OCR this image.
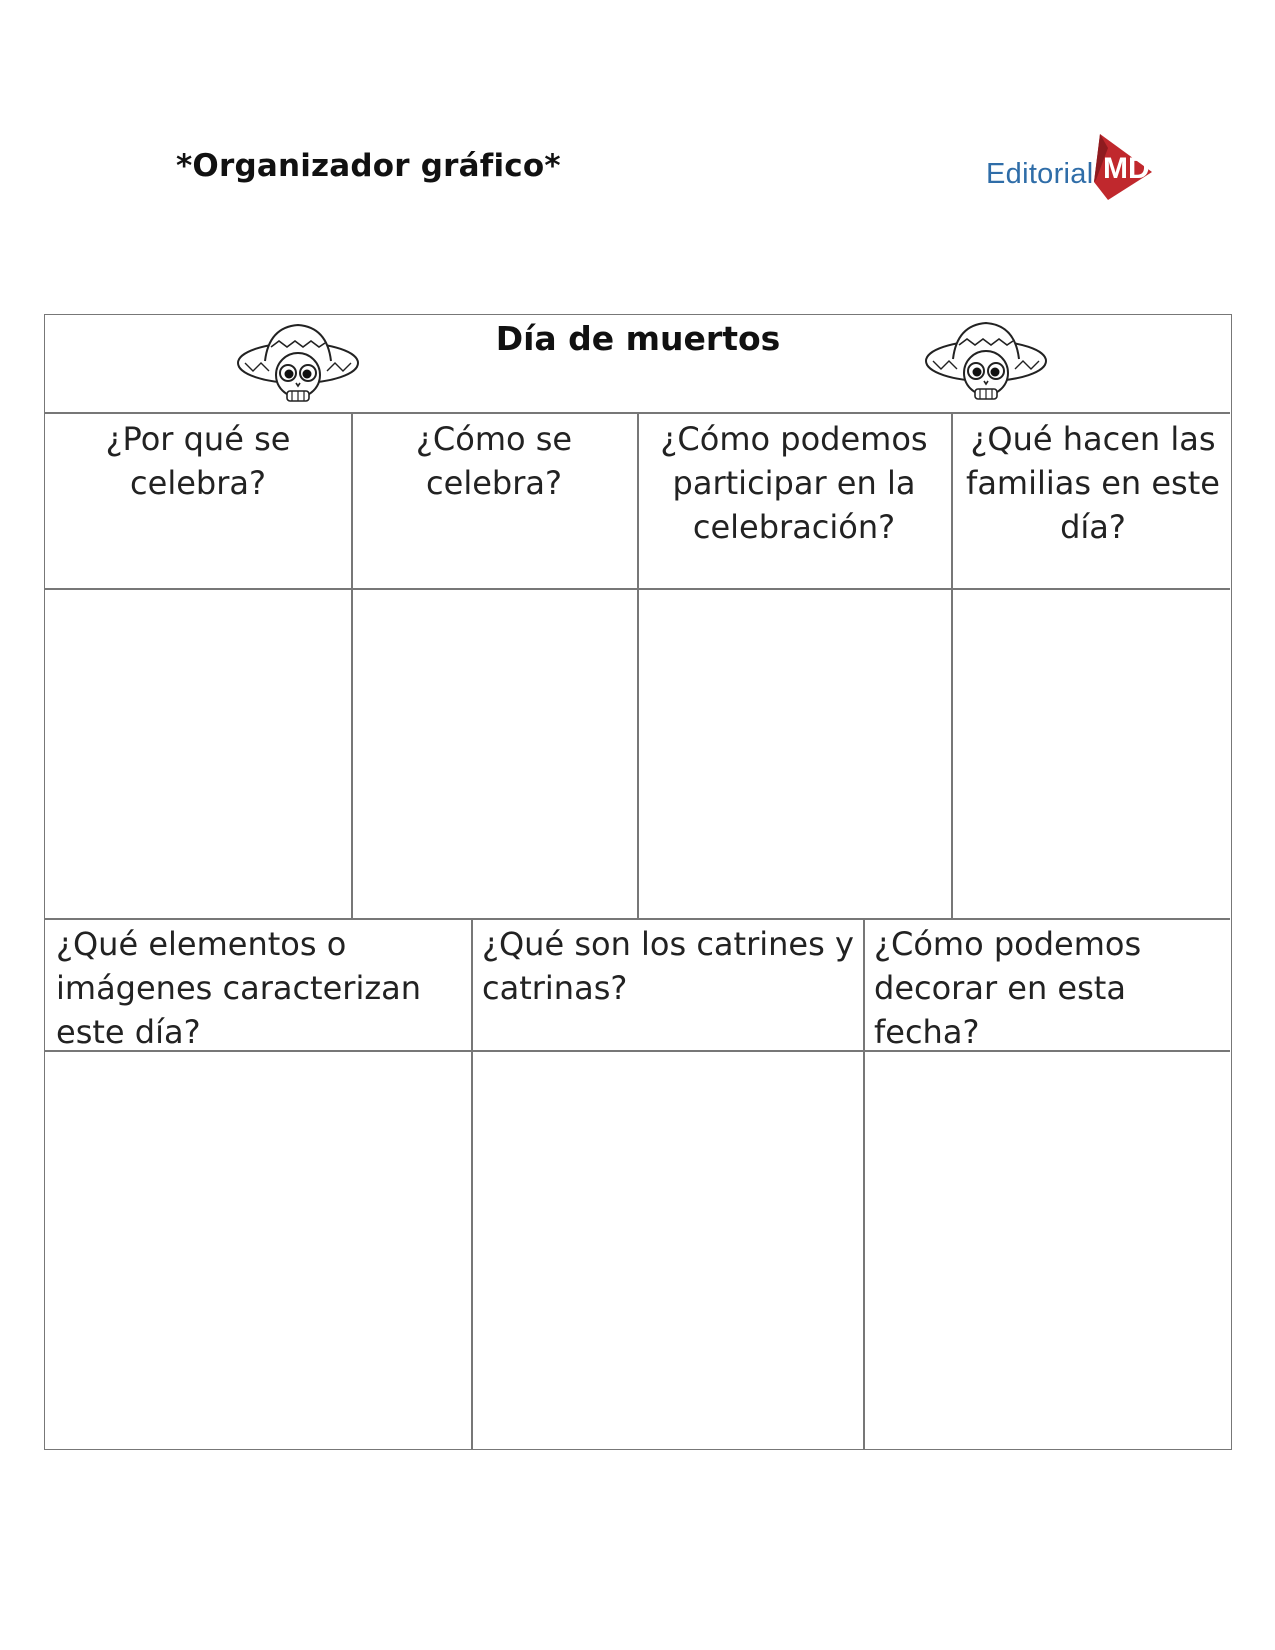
*Organizador gráfico*	MD
Editorial
Día de muertos
¿Por qué se celebra?
¿Cómo se celebra?
¿Cómo podemos participar en la celebración?
¿Qué hacen las familias en este día?
¿Qué elementos o imágenes caracterizan este día?
¿Qué son los catrines y catrinas?
¿Cómo podemos decorar en esta fecha?
